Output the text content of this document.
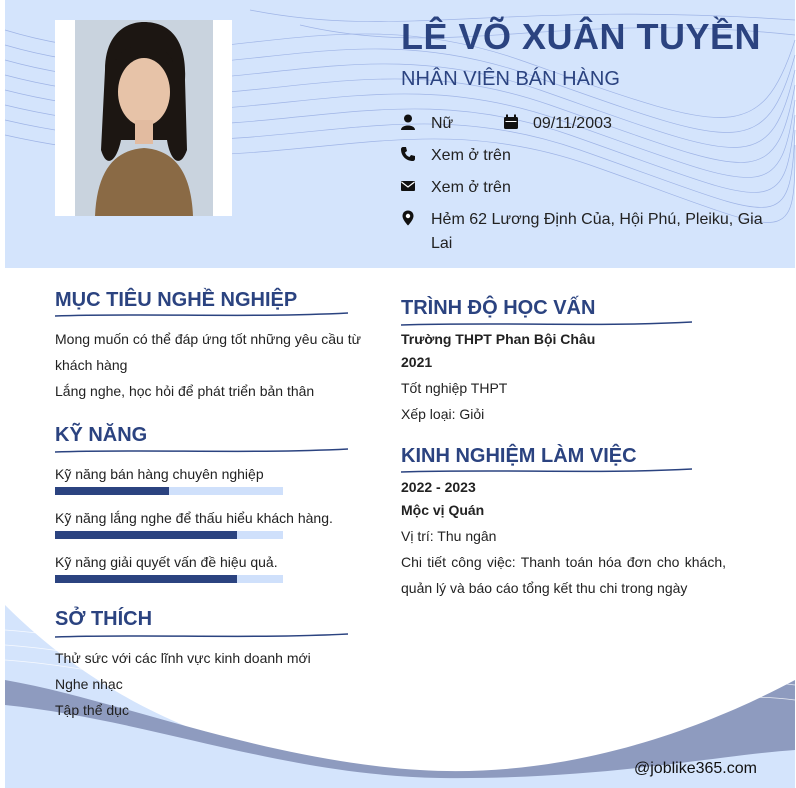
LÊ VÕ XUÂN TUYỀN
NHÂN VIÊN BÁN HÀNG
Nữ	09/11/2003
Xem ở trên
Xem ở trên
Hẻm 62 Lương Định Của, Hội Phú, Pleiku, Gia
Lai
MỤC TIÊU NGHỀ NGHIỆP
Mong muốn có thể đáp ứng tốt những yêu cầu từ
khách hàng
Lắng nghe, học hỏi để phát triển bản thân
KỸ NĂNG
Kỹ năng bán hàng chuyên nghiệp
Kỹ năng lắng nghe để thấu hiểu khách hàng.
Kỹ năng giải quyết vấn đề hiệu quả.
SỞ THÍCH
Thử sức với các lĩnh vực kinh doanh mới
Nghe nhạc
Tập thể dục
TRÌNH ĐỘ HỌC VẤN
Trường THPT Phan Bội Châu
2021
Tốt nghiệp THPT
Xếp loại: Giỏi
KINH NGHIỆM LÀM VIỆC
2022 - 2023
Mộc vị Quán
Vị trí: Thu ngân
Chi tiết công việc: Thanh toán hóa đơn cho khách,
quản lý và báo cáo tổng kết thu chi trong ngày
@joblike365.com
